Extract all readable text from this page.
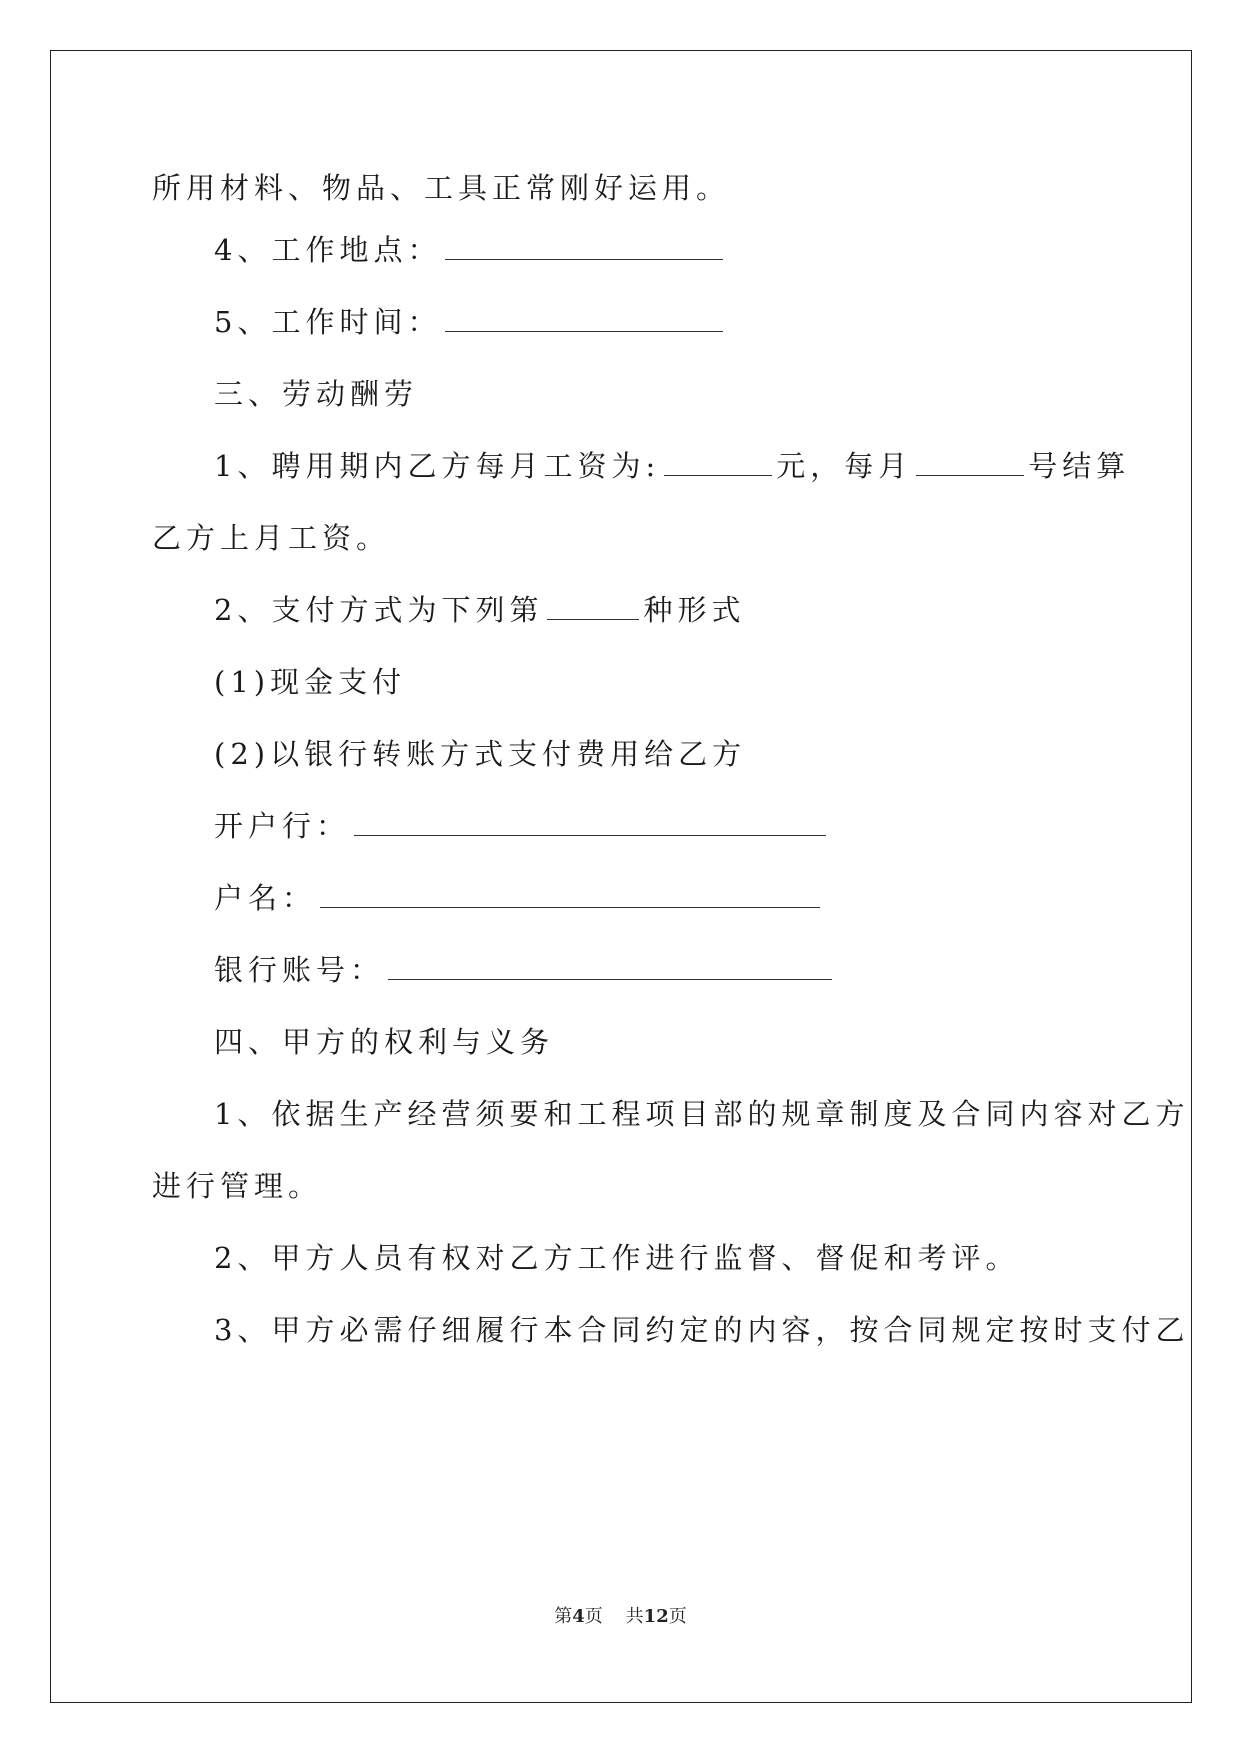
所用材料、物品、工具正常刚好运用。
4、工作地点：
5、工作时间：
三、劳动酬劳
1、聘用期内乙方每月工资为:	元，每月	号结算
乙方上月工资。
2、支付方式为下列第	种形式
(1)现金支付
(2)以银行转账方式支付费用给乙方
开户行：
户名：
银行账号：
四、甲方的权利与义务
1、依据生产经营须要和工程项目部的规章制度及合同内容对乙方
进行管理。
2、甲方人员有权对乙方工作进行监督、督促和考评。
3、甲方必需仔细履行本合同约定的内容，按合同规定按时支付乙
第4页 共12页
